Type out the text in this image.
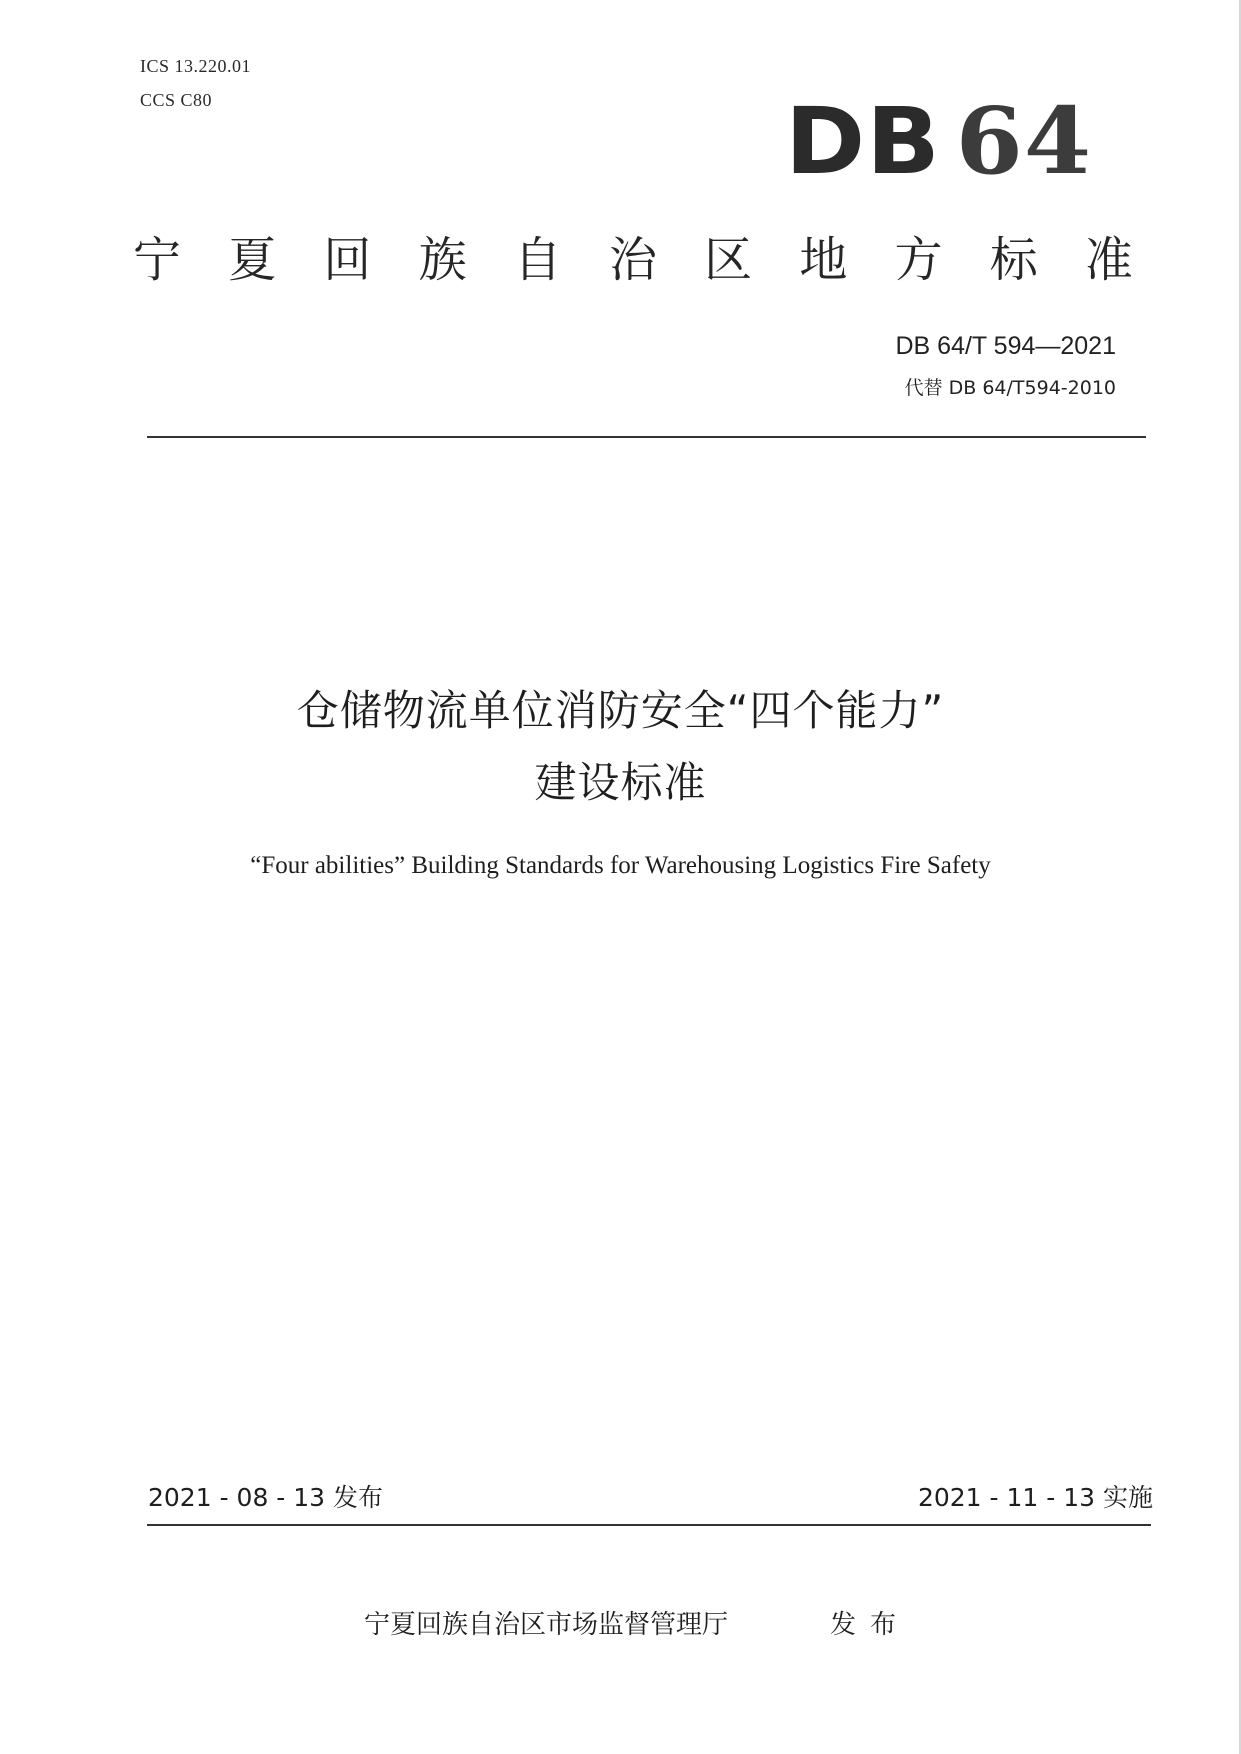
ICS 13.220.01
CCS C80	DB 64
宁 夏 回 族 自 治 区 地 方 标 准
DB 64/T 594—2021
代替 DB 64/T594-2010
仓储物流单位消防安全“四个能力”
建设标准
“Four abilities” Building Standards for Warehousing Logistics Fire Safety
2021 - 08 - 13 发布	2021 - 11 - 13 实施
宁夏回族自治区市场监督管理厅	发布
